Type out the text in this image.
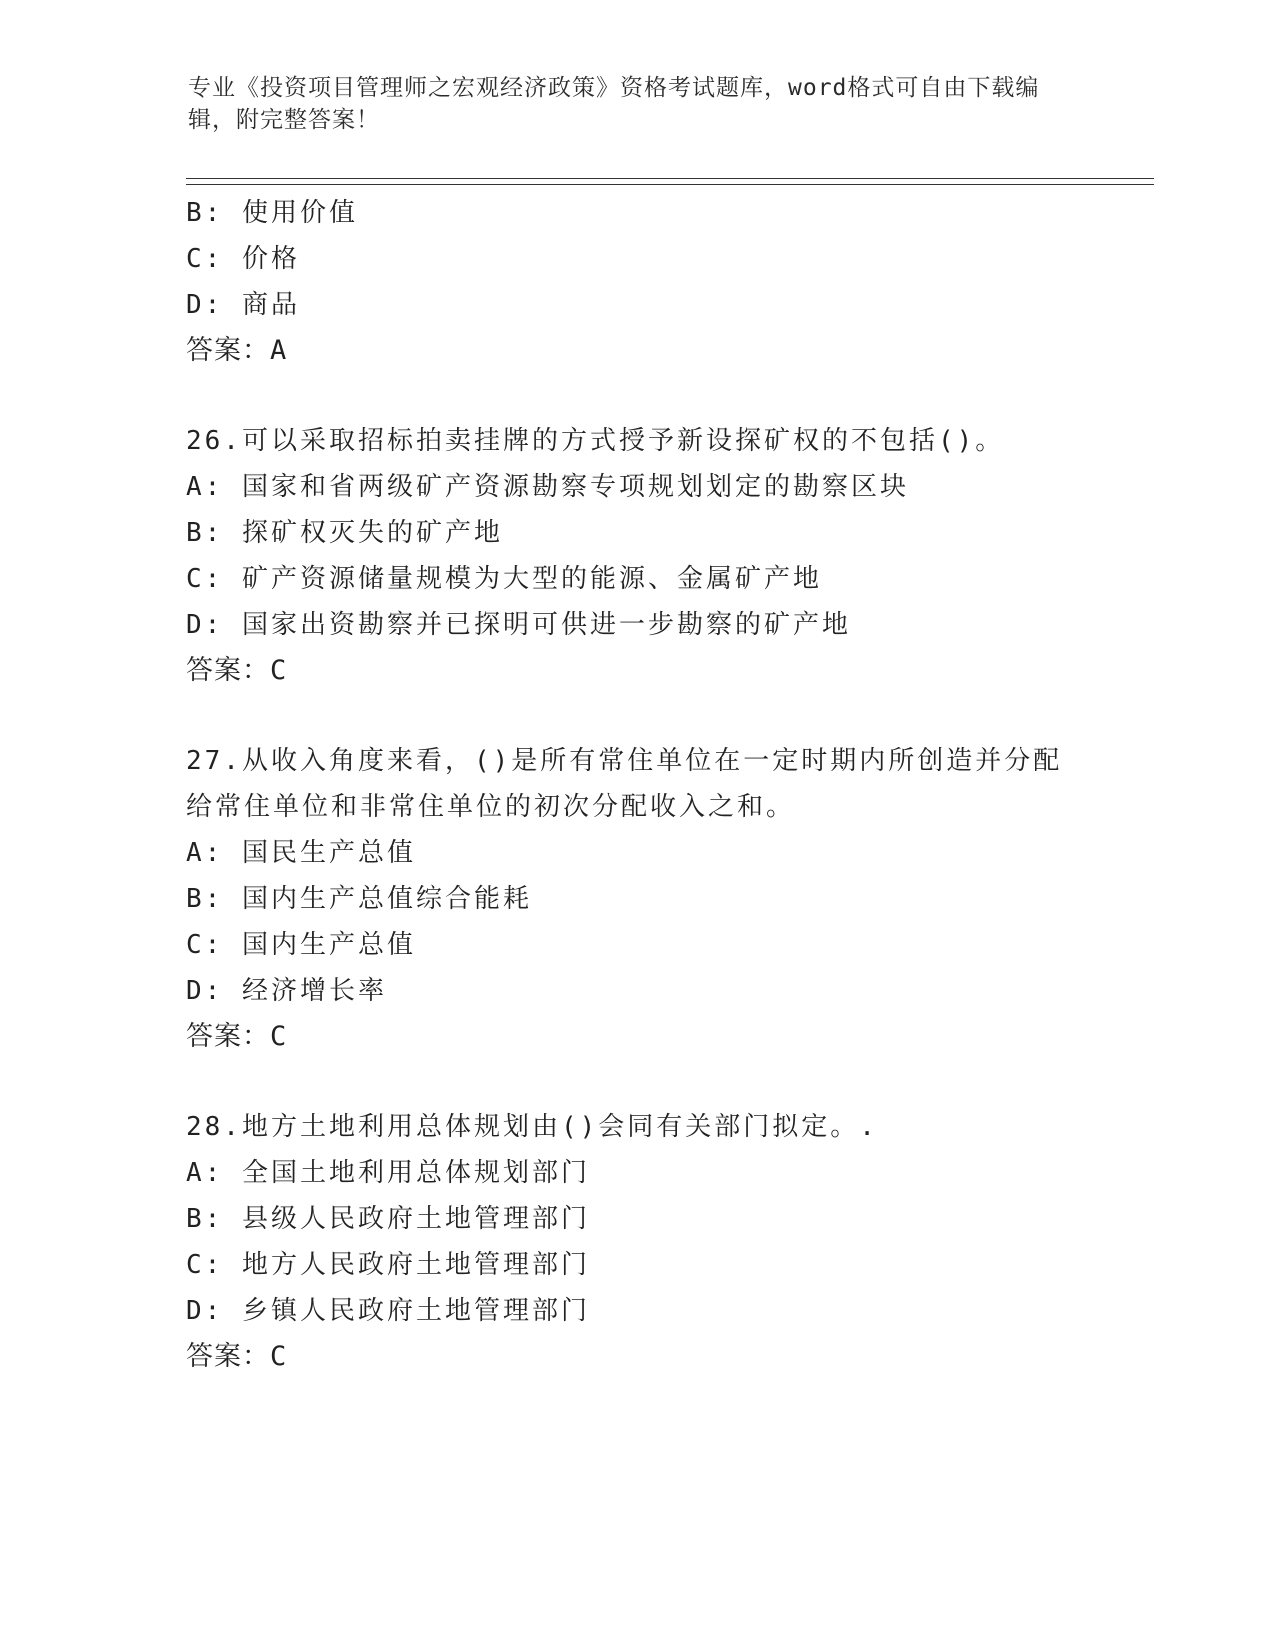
专业《投资项目管理师之宏观经济政策》资格考试题库，word格式可自由下载编辑，附完整答案！
B: 使用价值
C: 价格
D: 商品
答案：A
26.可以采取招标拍卖挂牌的方式授予新设探矿权的不包括()。
A: 国家和省两级矿产资源勘察专项规划划定的勘察区块
B: 探矿权灭失的矿产地
C: 矿产资源储量规模为大型的能源、金属矿产地
D: 国家出资勘察并已探明可供进一步勘察的矿产地
答案：C
27.从收入角度来看，()是所有常住单位在一定时期内所创造并分配给常住单位和非常住单位的初次分配收入之和。
A: 国民生产总值
B: 国内生产总值综合能耗
C: 国内生产总值
D: 经济增长率
答案：C
28.地方土地利用总体规划由()会同有关部门拟定。.
A: 全国土地利用总体规划部门
B: 县级人民政府土地管理部门
C: 地方人民政府土地管理部门
D: 乡镇人民政府土地管理部门
答案：C
